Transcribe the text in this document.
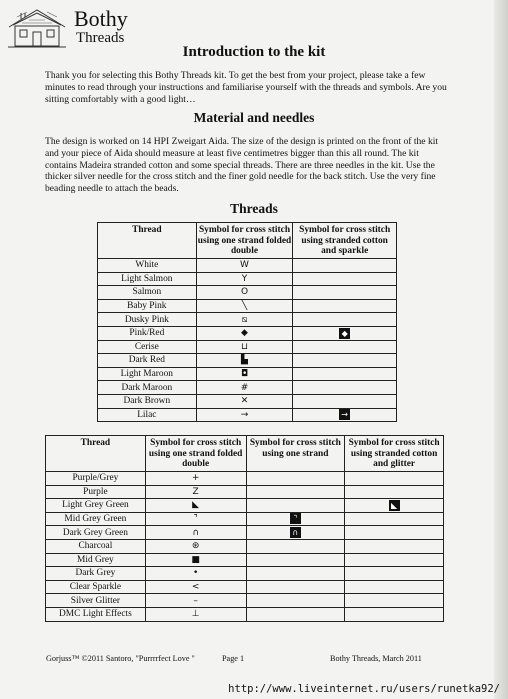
Bothy
Threads
Introduction to the kit

Thank you for selecting this Bothy Threads kit. To get the best from your project, please take a few minutes to read through your instructions and familiarise yourself with the threads and symbols. Are you sitting comfortably with a good light…

Material and needles

The design is worked on 14 HPI Zweigart Aida. The size of the design is printed on the front of the kit and your piece of Aida should measure at least five centimetres bigger than this all round. The kit contains Madeira stranded cotton and some special threads. There are three needles in the kit. Use the thicker silver needle for the cross stitch and the finer gold needle for the back stitch. Use the very fine beading needle to attach the beads.

Threads
Thread	Symbol for cross stitch using one strand folded double	Symbol for cross stitch using stranded cotton and sparkle
White	W	
Light Salmon	Y	
Salmon	O	
Baby Pink	╲	
Dusky Pink	⧅	
Pink/Red	◆	◆
Cerise	⊔	
Dark Red	▙	
Light Maroon	◘	
Dark Maroon	#	
Dark Brown	✕	
Lilac	→	→
Thread	Symbol for cross stitch using one strand folded double	Symbol for cross stitch using one strand	Symbol for cross stitch using stranded cotton and glitter
Purple/Grey	+		
Purple	Z		
Light Grey Green	◣		◣
Mid Grey Green	⌝	⌝	
Dark Grey Green	∩	∩	
Charcoal	⊛		
Mid Grey	■		
Dark Grey	•		
Clear Sparkle	<		
Silver Glitter	–		
DMC Light Effects	⊥		
Gorjuss™ ©2011 Santoro, "Purrrrfect Love "	Page 1	Bothy Threads, March 2011
http://www.liveinternet.ru/users/runetka92/
